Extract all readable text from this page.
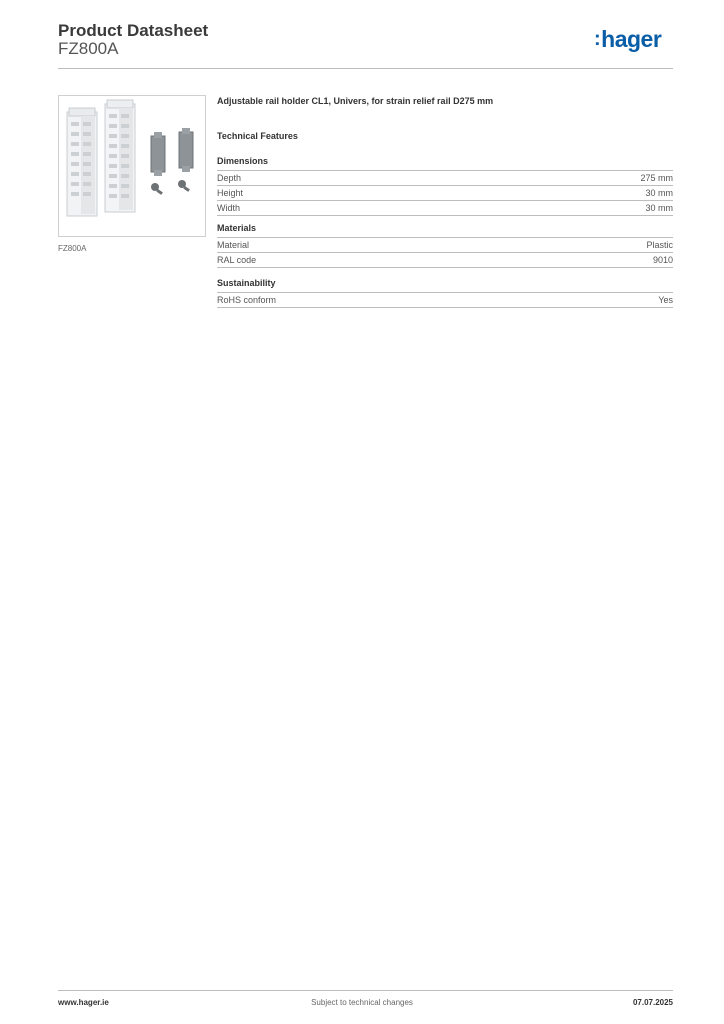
Product Datasheet
FZ800A	:hager
FZ800A
Adjustable rail holder CL1, Univers, for strain relief rail D275 mm
Technical Features
Dimensions
Depth	275 mm
Height	30 mm
Width	30 mm
Materials
Material	Plastic
RAL code	9010
Sustainability
RoHS conform	Yes
www.hager.ie	Subject to technical changes	07.07.2025
